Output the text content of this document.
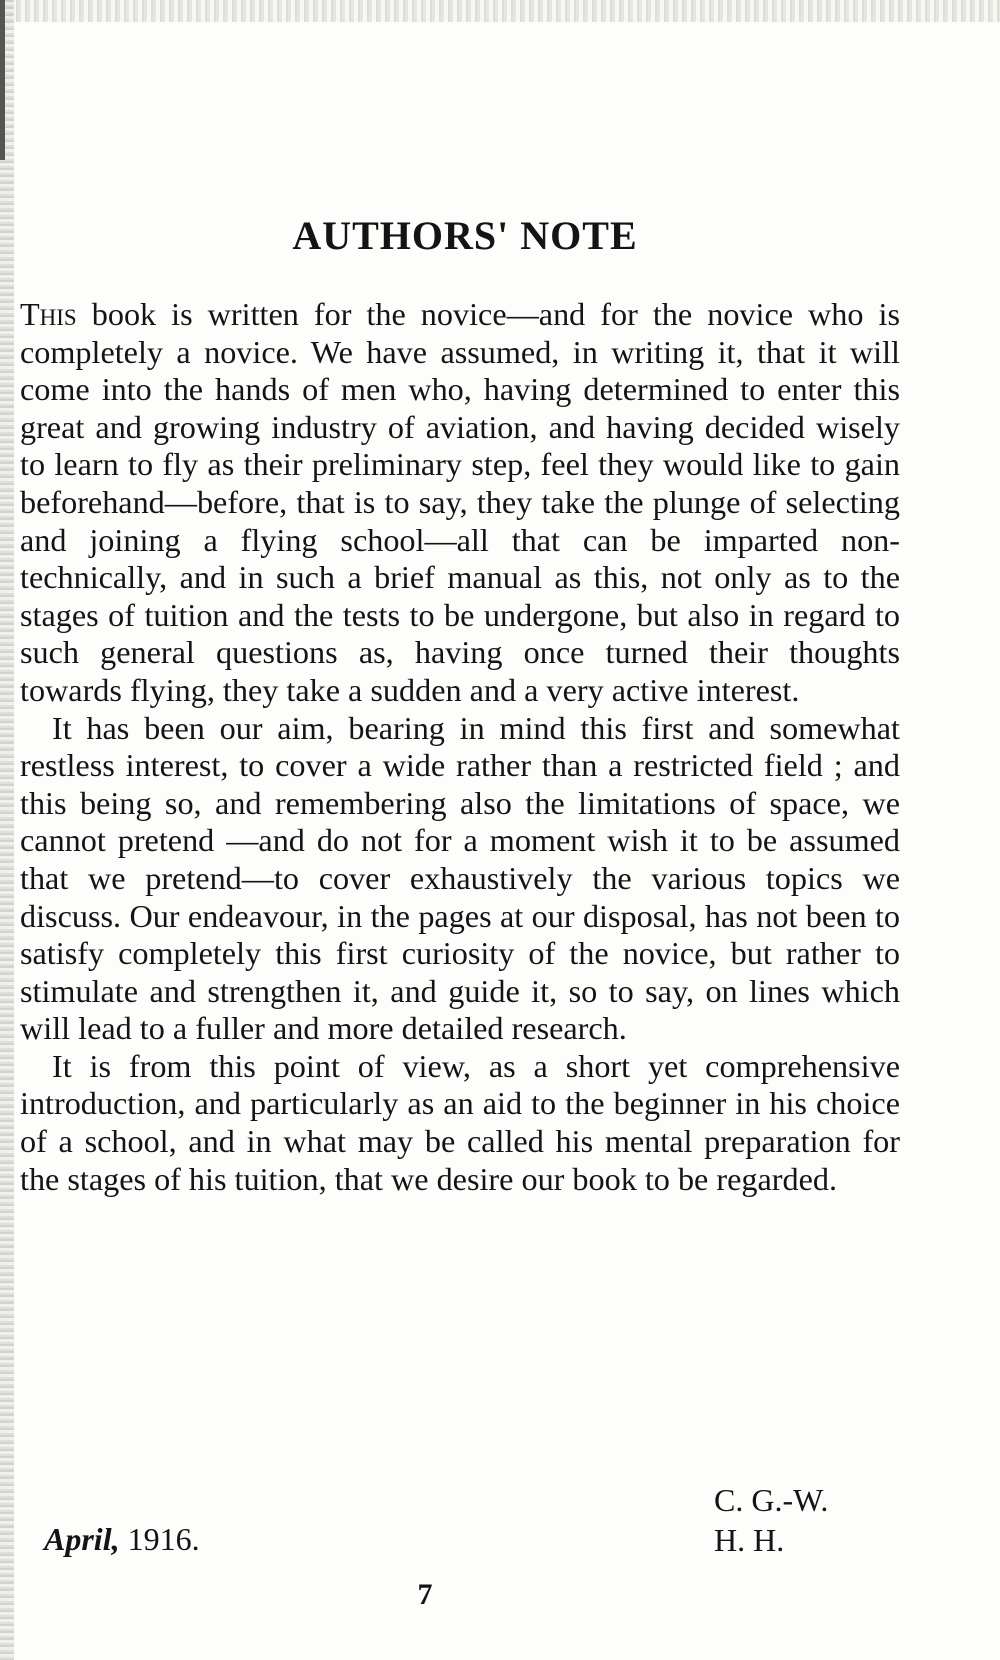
AUTHORS' NOTE

This book is written for the novice—and for the novice who is completely a novice. We have assumed, in writing it, that it will come into the hands of men who, having determined to enter this great and growing industry of aviation, and having decided wisely to learn to fly as their preliminary step, feel they would like to gain beforehand—before, that is to say, they take the plunge of selecting and joining a flying school—all that can be imparted non-technically, and in such a brief manual as this, not only as to the stages of tuition and the tests to be undergone, but also in regard to such general questions as, having once turned their thoughts towards flying, they take a sudden and a very active interest.

It has been our aim, bearing in mind this first and somewhat restless interest, to cover a wide rather than a restricted field ; and this being so, and remembering also the limitations of space, we cannot pretend —and do not for a moment wish it to be assumed that we pretend—to cover exhaustively the various topics we discuss. Our endeavour, in the pages at our disposal, has not been to satisfy completely this first curiosity of the novice, but rather to stimulate and strengthen it, and guide it, so to say, on lines which will lead to a fuller and more detailed research.

It is from this point of view, as a short yet comprehensive introduction, and particularly as an aid to the beginner in his choice of a school, and in what may be called his mental preparation for the stages of his tuition, that we desire our book to be regarded.

C. G.-W.
H. H.
April, 1916.
7
